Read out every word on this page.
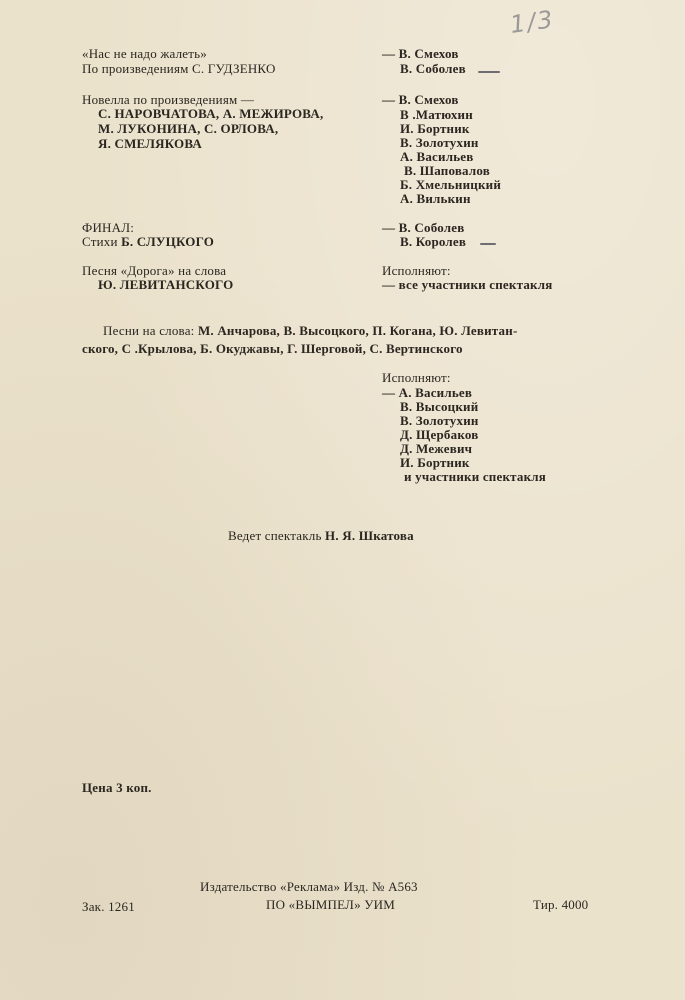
1/3
«Нас не надо жалеть»
По произведениям С. ГУДЗЕНКО
— В. Смехов
В. Соболев
Новелла по произведениям —
С. НАРОВЧАТОВА, А. МЕЖИРОВА,
М. ЛУКОНИНА, С. ОРЛОВА,
Я. СМЕЛЯКОВА
— В. Смехов
В .Матюхин
И. Бортник
В. Золотухин
А. Васильев
В. Шаповалов
Б. Хмельницкий
А. Вилькин
ФИНАЛ:
Стихи Б. СЛУЦКОГО
— В. Соболев
В. Королев
Песня «Дорога» на слова
Ю. ЛЕВИТАНСКОГО
Исполняют:
— все участники спектакля
Песни на слова: М. Анчарова, В. Высоцкого, П. Когана, Ю. Левитан-
ского, С .Крылова, Б. Окуджавы, Г. Шерговой, С. Вертинского
Исполняют:
— А. Васильев
В. Высоцкий
В. Золотухин
Д. Щербаков
Д. Межевич
И. Бортник
и участники спектакля
Ведет спектакль Н. Я. Шкатова
Цена 3 коп.
Издательство «Реклама» Изд. № А563
Зак. 1261	ПО «ВЫМПЕЛ» УИМ	Тир. 4000
